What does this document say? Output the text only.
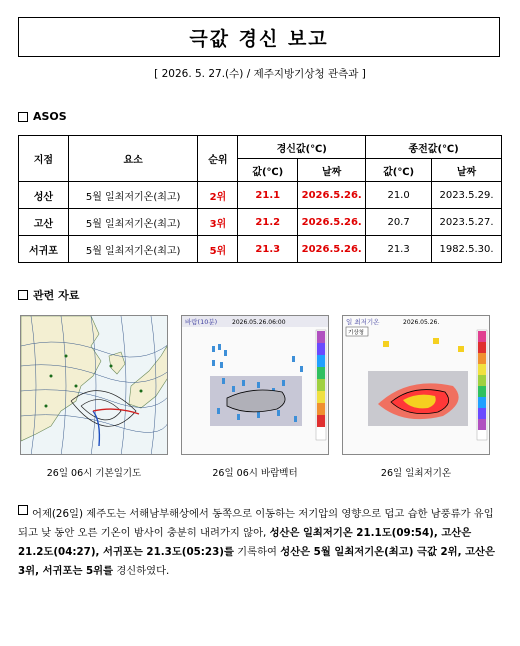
극값 경신 보고
[ 2026. 5. 27.(수) / 제주지방기상청 관측과 ]
ASOS
지점	요소	순위	경신값(℃)		종전값(℃)	
			값(℃)	날짜	값(℃)	날짜
성산	5월 일최저기온(최고)	2위	21.1	2026.5.26.	21.0	2023.5.29.
고산	5월 일최저기온(최고)	3위	21.2	2026.5.26.	20.7	2023.5.27.
서귀포	5월 일최저기온(최고)	5위	21.3	2026.5.26.	21.3	1982.5.30.
관련 자료
26일 06시 기본일기도
바람(10분) 2026.05.26.06:00
26일 06시 바람벡터
일 최저기온	2026.05.26.
기상청
26일 일최저기온
어제(26일) 제주도는 서해남부해상에서 동쪽으로 이동하는 저기압의 영향으로 덥고 습한 남풍류가 유입되고 낮 동안 오른 기온이 밤사이 충분히 내려가지 않아, 성산은 일최저기온 21.1도(09:54), 고산은 21.2도(04:27), 서귀포는 21.3도(05:23)를 기록하여 성산은 5월 일최저기온(최고) 극값 2위, 고산은 3위, 서귀포는 5위를 경신하였다.
